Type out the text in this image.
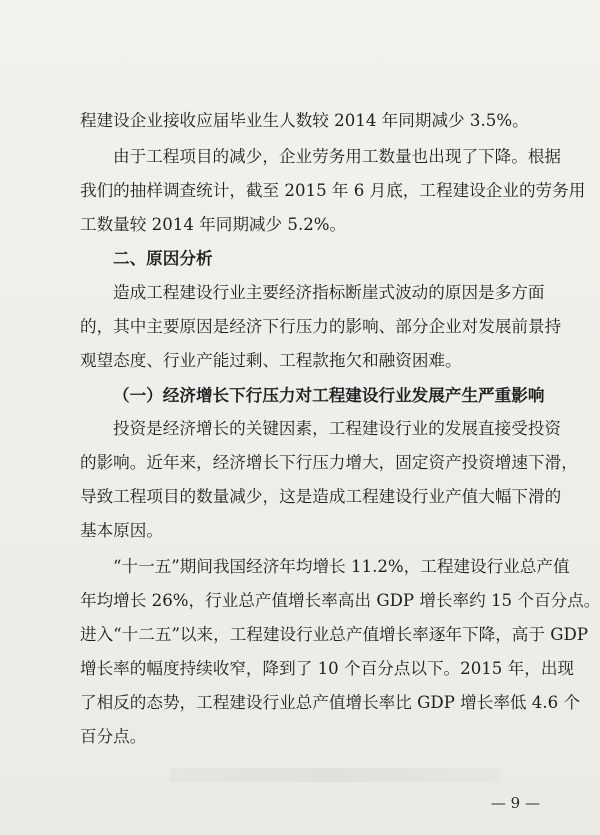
程建设企业接收应届毕业生人数较 2014 年同期减少 3.5%。
由于工程项目的减少，企业劳务用工数量也出现了下降。根据
我们的抽样调查统计，截至 2015 年 6 月底，工程建设企业的劳务用
工数量较 2014 年同期减少 5.2%。
二、原因分析
造成工程建设行业主要经济指标断崖式波动的原因是多方面
的，其中主要原因是经济下行压力的影响、部分企业对发展前景持
观望态度、行业产能过剩、工程款拖欠和融资困难。
（一）经济增长下行压力对工程建设行业发展产生严重影响
投资是经济增长的关键因素，工程建设行业的发展直接受投资
的影响。近年来，经济增长下行压力增大，固定资产投资增速下滑，
导致工程项目的数量减少，这是造成工程建设行业产值大幅下滑的
基本原因。
“十一五”期间我国经济年均增长 11.2%，工程建设行业总产值
年均增长 26%，行业总产值增长率高出 GDP 增长率约 15 个百分点。
进入“十二五”以来，工程建设行业总产值增长率逐年下降，高于 GDP
增长率的幅度持续收窄，降到了 10 个百分点以下。2015 年，出现
了相反的态势，工程建设行业总产值增长率比 GDP 增长率低 4.6 个
百分点。
— 9 —
